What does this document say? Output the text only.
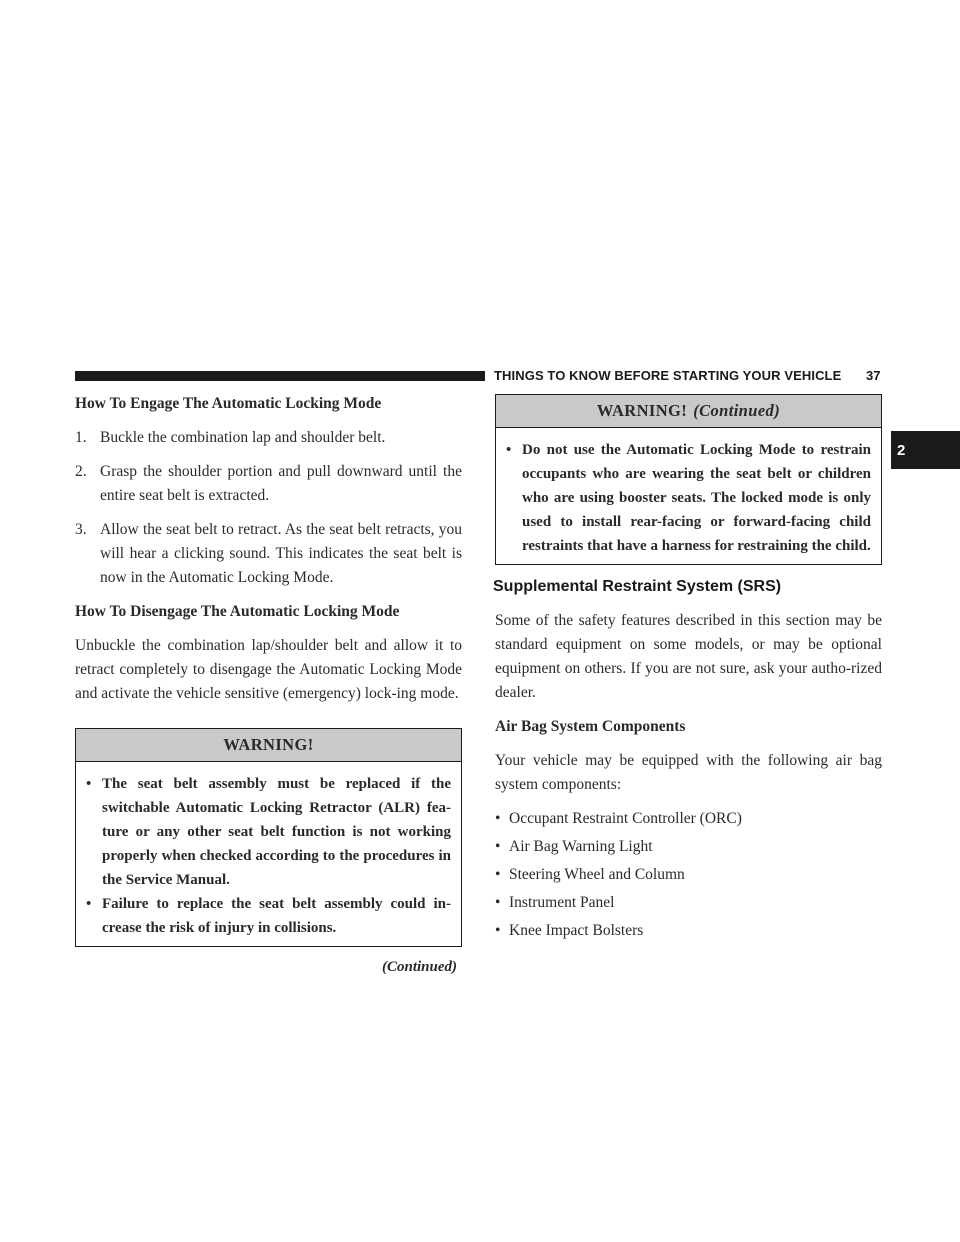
THINGS TO KNOW BEFORE STARTING YOUR VEHICLE	37
2
How To Engage The Automatic Locking Mode
1. Buckle the combination lap and shoulder belt.
2. Grasp the shoulder portion and pull downward until the entire seat belt is extracted.
3. Allow the seat belt to retract. As the seat belt retracts, you will hear a clicking sound. This indicates the seat belt is now in the Automatic Locking Mode.
How To Disengage The Automatic Locking Mode

Unbuckle the combination lap/shoulder belt and allow it to retract completely to disengage the Automatic Locking Mode and activate the vehicle sensitive (emergency) lock-ing mode.

WARNING!
• The seat belt assembly must be replaced if the switchable Automatic Locking Retractor (ALR) fea-ture or any other seat belt function is not working properly when checked according to the procedures in the Service Manual.
• Failure to replace the seat belt assembly could in-crease the risk of injury in collisions.
(Continued)
WARNING! (Continued)
• Do not use the Automatic Locking Mode to restrain occupants who are wearing the seat belt or children who are using booster seats. The locked mode is only used to install rear-facing or forward-facing child restraints that have a harness for restraining the child.
Supplemental Restraint System (SRS)

Some of the safety features described in this section may be standard equipment on some models, or may be optional equipment on others. If you are not sure, ask your autho-rized dealer.

Air Bag System Components

Your vehicle may be equipped with the following air bag system components:

• Occupant Restraint Controller (ORC)
• Air Bag Warning Light
• Steering Wheel and Column
• Instrument Panel
• Knee Impact Bolsters
